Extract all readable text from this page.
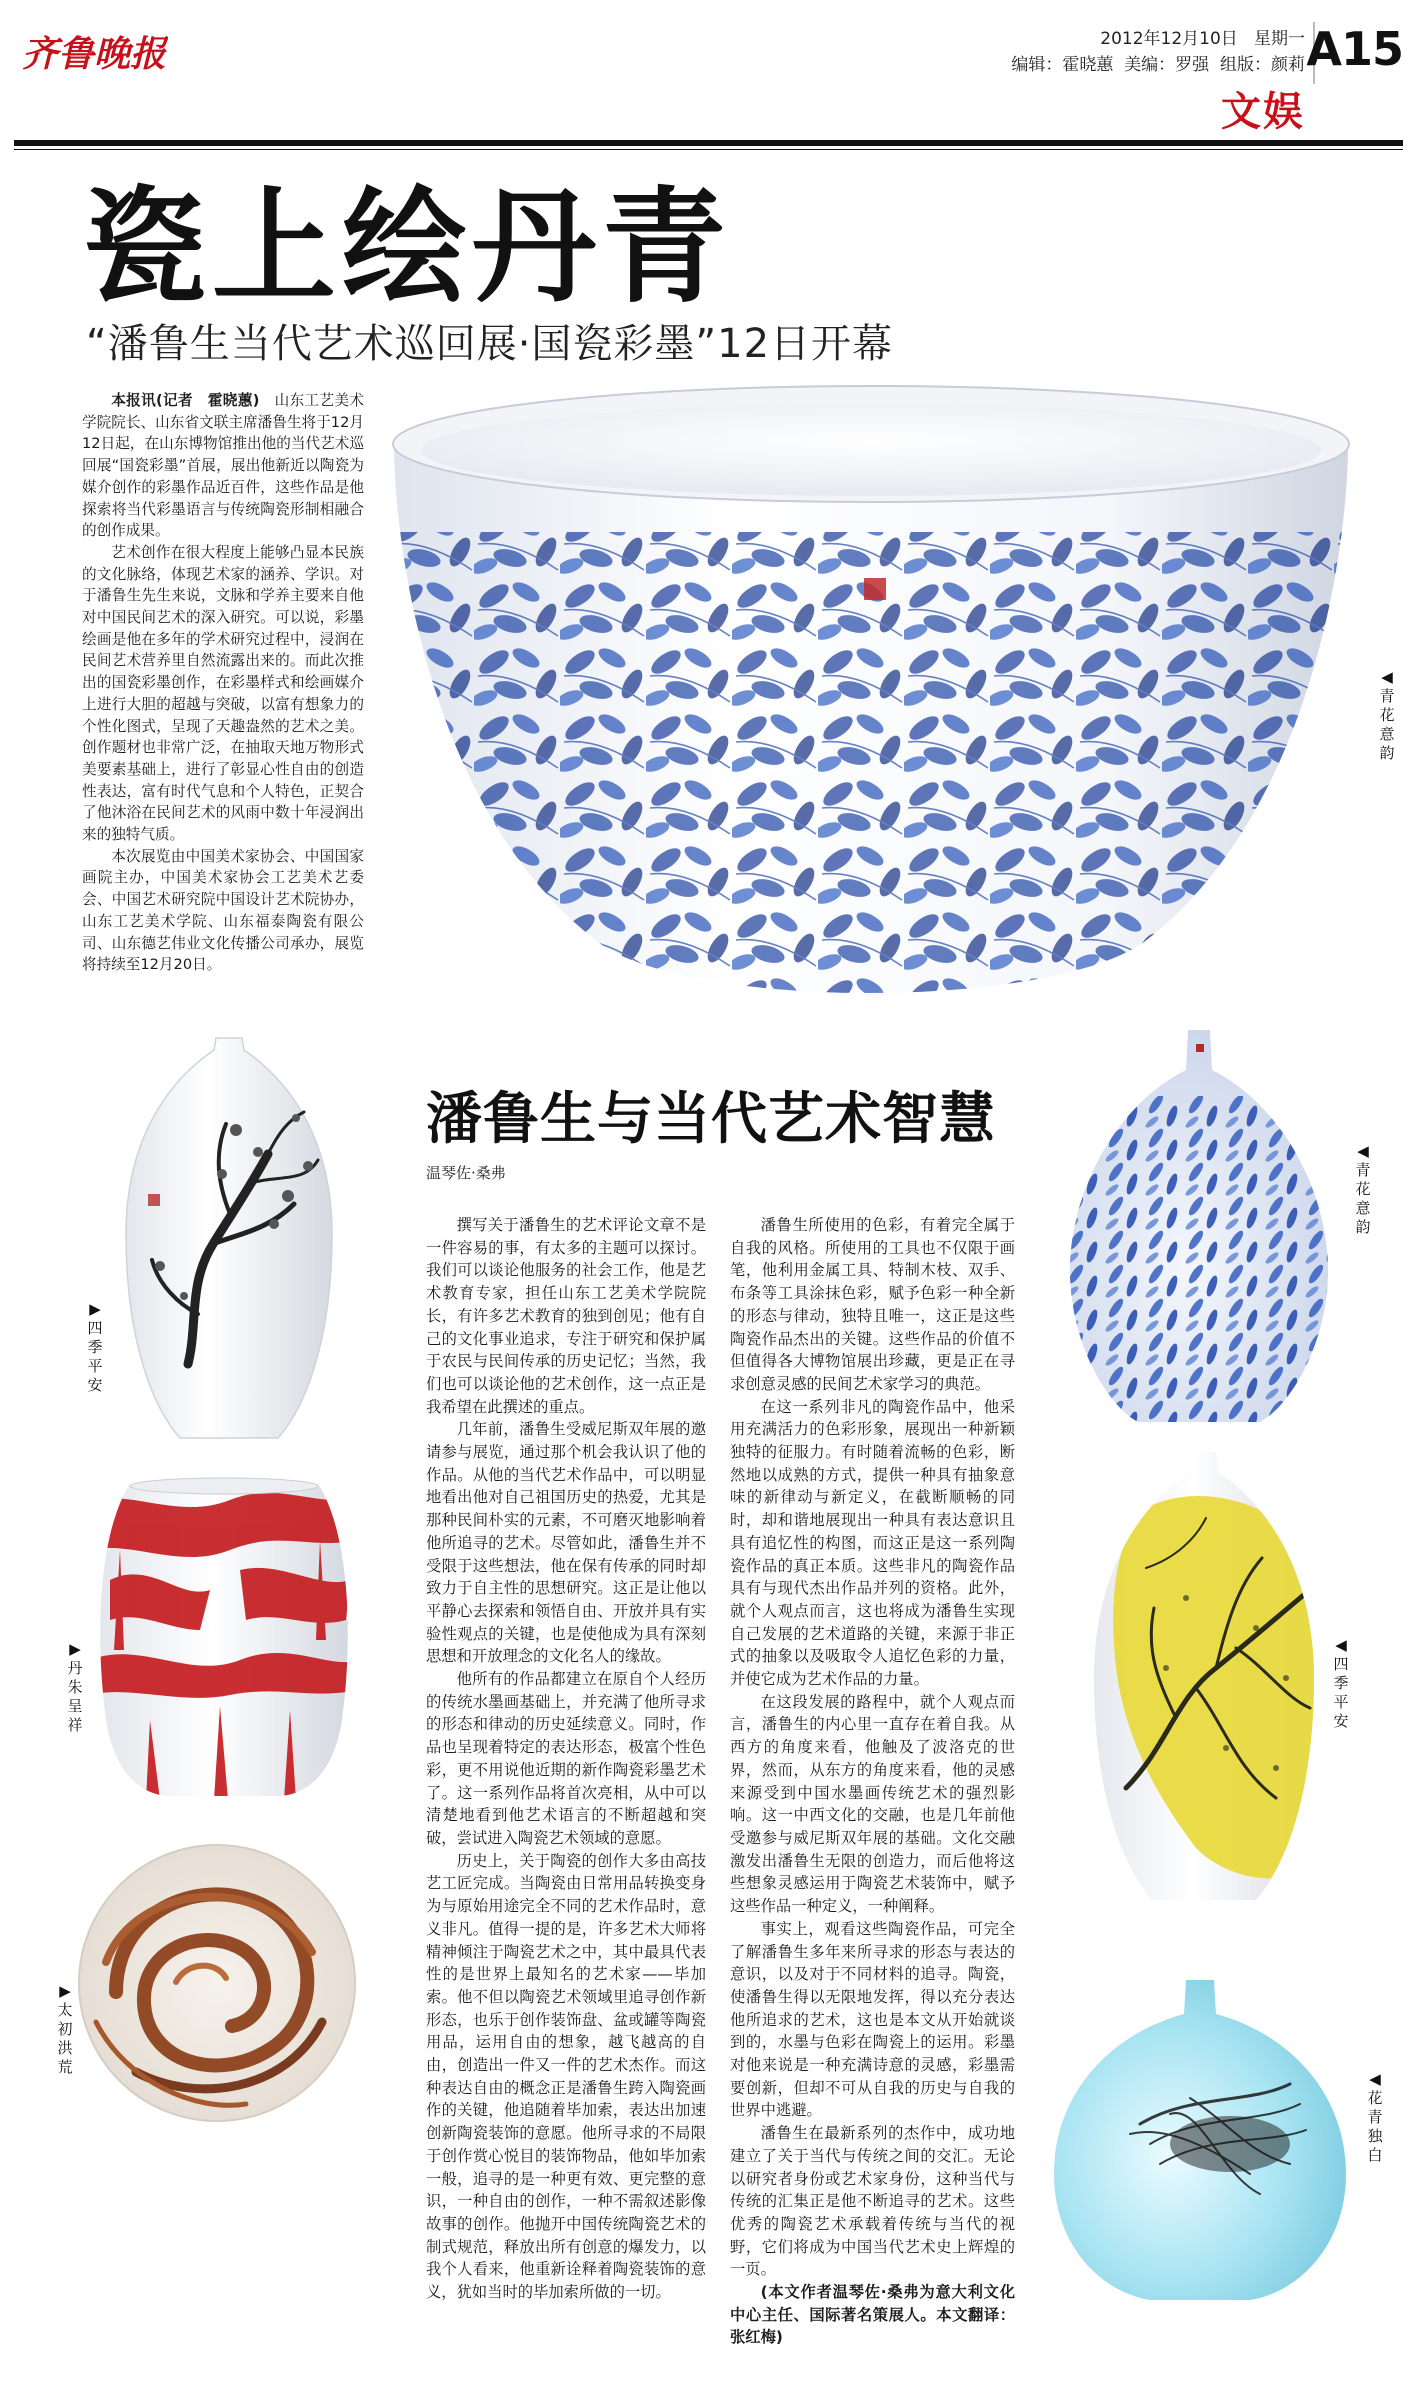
齐鲁晚报	2012年12月10日 星期一
编辑：霍晓蕙 美编：罗强 组版：颜莉 A15
文娱
瓷上绘丹青
“潘鲁生当代艺术巡回展·国瓷彩墨”12日开幕

本报讯(记者　霍晓蕙)　 山东工艺美术学院院长、山东省文联主席潘鲁生将于12月12日起，在山东博物馆推出他的当代艺术巡回展“国瓷彩墨”首展，展出他新近以陶瓷为媒介创作的彩墨作品近百件，这些作品是他探索将当代彩墨语言与传统陶瓷形制相融合的创作成果。

艺术创作在很大程度上能够凸显本民族的文化脉络，体现艺术家的涵养、学识。对于潘鲁生先生来说，文脉和学养主要来自他对中国民间艺术的深入研究。可以说，彩墨绘画是他在多年的学术研究过程中，浸润在民间艺术营养里自然流露出来的。而此次推出的国瓷彩墨创作，在彩墨样式和绘画媒介上进行大胆的超越与突破，以富有想象力的个性化图式，呈现了天趣盎然的艺术之美。创作题材也非常广泛，在抽取天地万物形式美要素基础上，进行了彰显心性自由的创造性表达，富有时代气息和个人特色，正契合了他沐浴在民间艺术的风雨中数十年浸润出来的独特气质。

本次展览由中国美术家协会、中国国家画院主办，中国美术家协会工艺美术艺委会、中国艺术研究院中国设计艺术院协办，山东工艺美术学院、山东福泰陶瓷有限公司、山东德艺伟业文化传播公司承办，展览将持续至12月20日。

◀青花意韵
▶四季平安
▶丹朱呈祥
▶太初洪荒
◀青花意韵
◀四季平安
◀花青独白
潘鲁生与当代艺术智慧
温琴佐·桑弗

撰写关于潘鲁生的艺术评论文章不是一件容易的事，有太多的主题可以探讨。我们可以谈论他服务的社会工作，他是艺术教育专家，担任山东工艺美术学院院长，有许多艺术教育的独到创见；他有自己的文化事业追求，专注于研究和保护属于农民与民间传承的历史记忆；当然，我们也可以谈论他的艺术创作，这一点正是我希望在此撰述的重点。

几年前，潘鲁生受威尼斯双年展的邀请参与展览，通过那个机会我认识了他的作品。从他的当代艺术作品中，可以明显地看出他对自己祖国历史的热爱，尤其是那种民间朴实的元素，不可磨灭地影响着他所追寻的艺术。尽管如此，潘鲁生并不受限于这些想法，他在保有传承的同时却致力于自主性的思想研究。这正是让他以平静心去探索和领悟自由、开放并具有实验性观点的关键，也是使他成为具有深刻思想和开放理念的文化名人的缘故。

他所有的作品都建立在原自个人经历的传统水墨画基础上，并充满了他所寻求的形态和律动的历史延续意义。同时，作品也呈现着特定的表达形态，极富个性色彩，更不用说他近期的新作陶瓷彩墨艺术了。这一系列作品将首次亮相，从中可以清楚地看到他艺术语言的不断超越和突破，尝试进入陶瓷艺术领域的意愿。

历史上，关于陶瓷的创作大多由高技艺工匠完成。当陶瓷由日常用品转换变身为与原始用途完全不同的艺术作品时，意义非凡。值得一提的是，许多艺术大师将精神倾注于陶瓷艺术之中，其中最具代表性的是世界上最知名的艺术家——毕加索。他不但以陶瓷艺术领域里追寻创作新形态，也乐于创作装饰盘、盆或罐等陶瓷用品，运用自由的想象，越飞越高的自由，创造出一件又一件的艺术杰作。而这种表达自由的概念正是潘鲁生跨入陶瓷画作的关键，他追随着毕加索，表达出加速创新陶瓷装饰的意愿。他所寻求的不局限于创作赏心悦目的装饰物品，他如毕加索一般，追寻的是一种更有效、更完整的意识，一种自由的创作，一种不需叙述影像故事的创作。他抛开中国传统陶瓷艺术的制式规范，释放出所有创意的爆发力，以我个人看来，他重新诠释着陶瓷装饰的意义，犹如当时的毕加索所做的一切。

潘鲁生所使用的色彩，有着完全属于自我的风格。所使用的工具也不仅限于画笔，他利用金属工具、特制木枝、双手、布条等工具涂抹色彩，赋予色彩一种全新的形态与律动，独特且唯一，这正是这些陶瓷作品杰出的关键。这些作品的价值不但值得各大博物馆展出珍藏，更是正在寻求创意灵感的民间艺术家学习的典范。

在这一系列非凡的陶瓷作品中，他采用充满活力的色彩形象，展现出一种新颖独特的征服力。有时随着流畅的色彩，断然地以成熟的方式，提供一种具有抽象意味的新律动与新定义，在截断顺畅的同时，却和谐地展现出一种具有表达意识且具有追忆性的构图，而这正是这一系列陶瓷作品的真正本质。这些非凡的陶瓷作品具有与现代杰出作品并列的资格。此外，就个人观点而言，这也将成为潘鲁生实现自己发展的艺术道路的关键，来源于非正式的抽象以及吸取令人追忆色彩的力量，并使它成为艺术作品的力量。

在这段发展的路程中，就个人观点而言，潘鲁生的内心里一直存在着自我。从西方的角度来看，他触及了波洛克的世界，然而，从东方的角度来看，他的灵感来源受到中国水墨画传统艺术的强烈影响。这一中西文化的交融，也是几年前他受邀参与威尼斯双年展的基础。文化交融激发出潘鲁生无限的创造力，而后他将这些想象灵感运用于陶瓷艺术装饰中，赋予这些作品一种定义，一种阐释。

事实上，观看这些陶瓷作品，可完全了解潘鲁生多年来所寻求的形态与表达的意识，以及对于不同材料的追寻。陶瓷，使潘鲁生得以无限地发挥，得以充分表达他所追求的艺术，这也是本文从开始就谈到的，水墨与色彩在陶瓷上的运用。彩墨对他来说是一种充满诗意的灵感，彩墨需要创新，但却不可从自我的历史与自我的世界中逃避。

潘鲁生在最新系列的杰作中，成功地建立了关于当代与传统之间的交汇。无论以研究者身份或艺术家身份，这种当代与传统的汇集正是他不断追寻的艺术。这些优秀的陶瓷艺术承载着传统与当代的视野，它们将成为中国当代艺术史上辉煌的一页。

(本文作者温琴佐·桑弗为意大利文化中心主任、国际著名策展人。本文翻译：张红梅)
